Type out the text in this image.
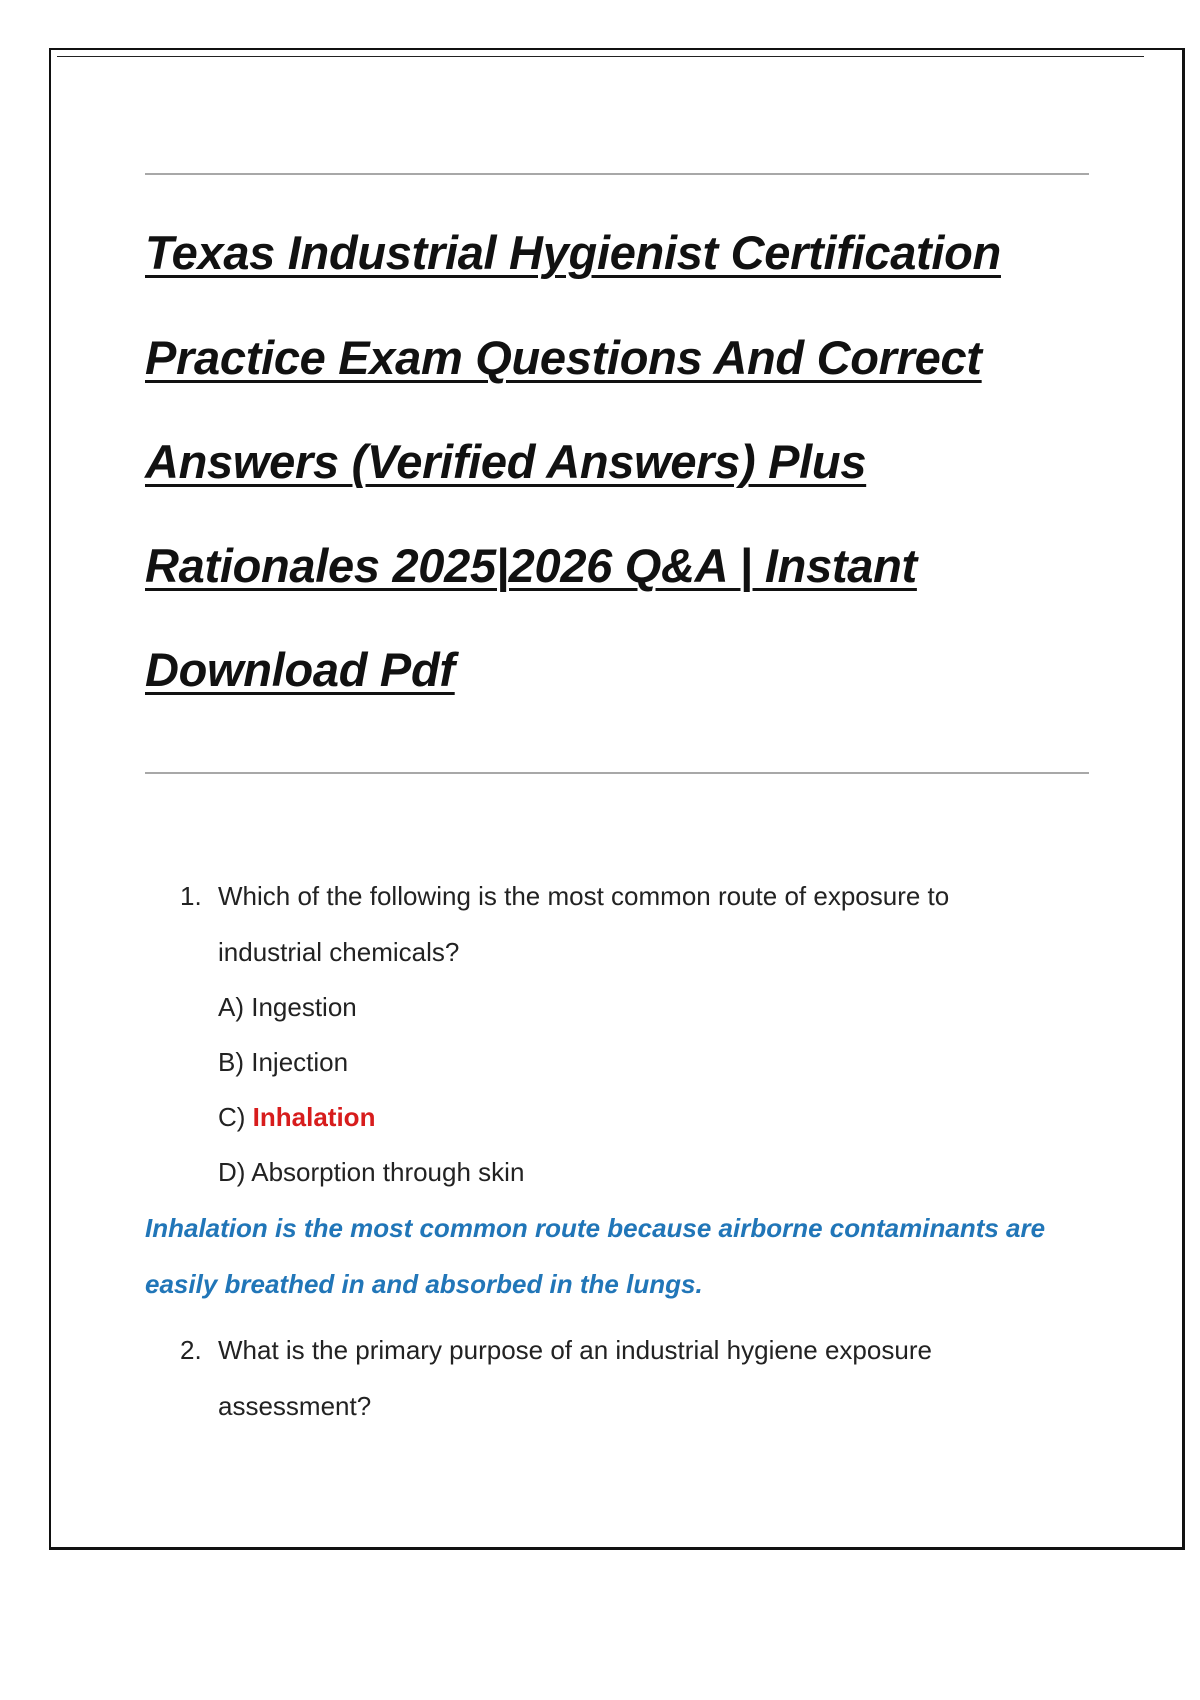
Texas Industrial Hygienist Certification
Practice Exam Questions And Correct
Answers (Verified Answers) Plus
Rationales 2025|2026 Q&A | Instant
Download Pdf
1. Which of the following is the most common route of exposure to
industrial chemicals?
A) Ingestion
B) Injection
C) Inhalation
D) Absorption through skin
Inhalation is the most common route because airborne contaminants are
easily breathed in and absorbed in the lungs.
2. What is the primary purpose of an industrial hygiene exposure
assessment?
